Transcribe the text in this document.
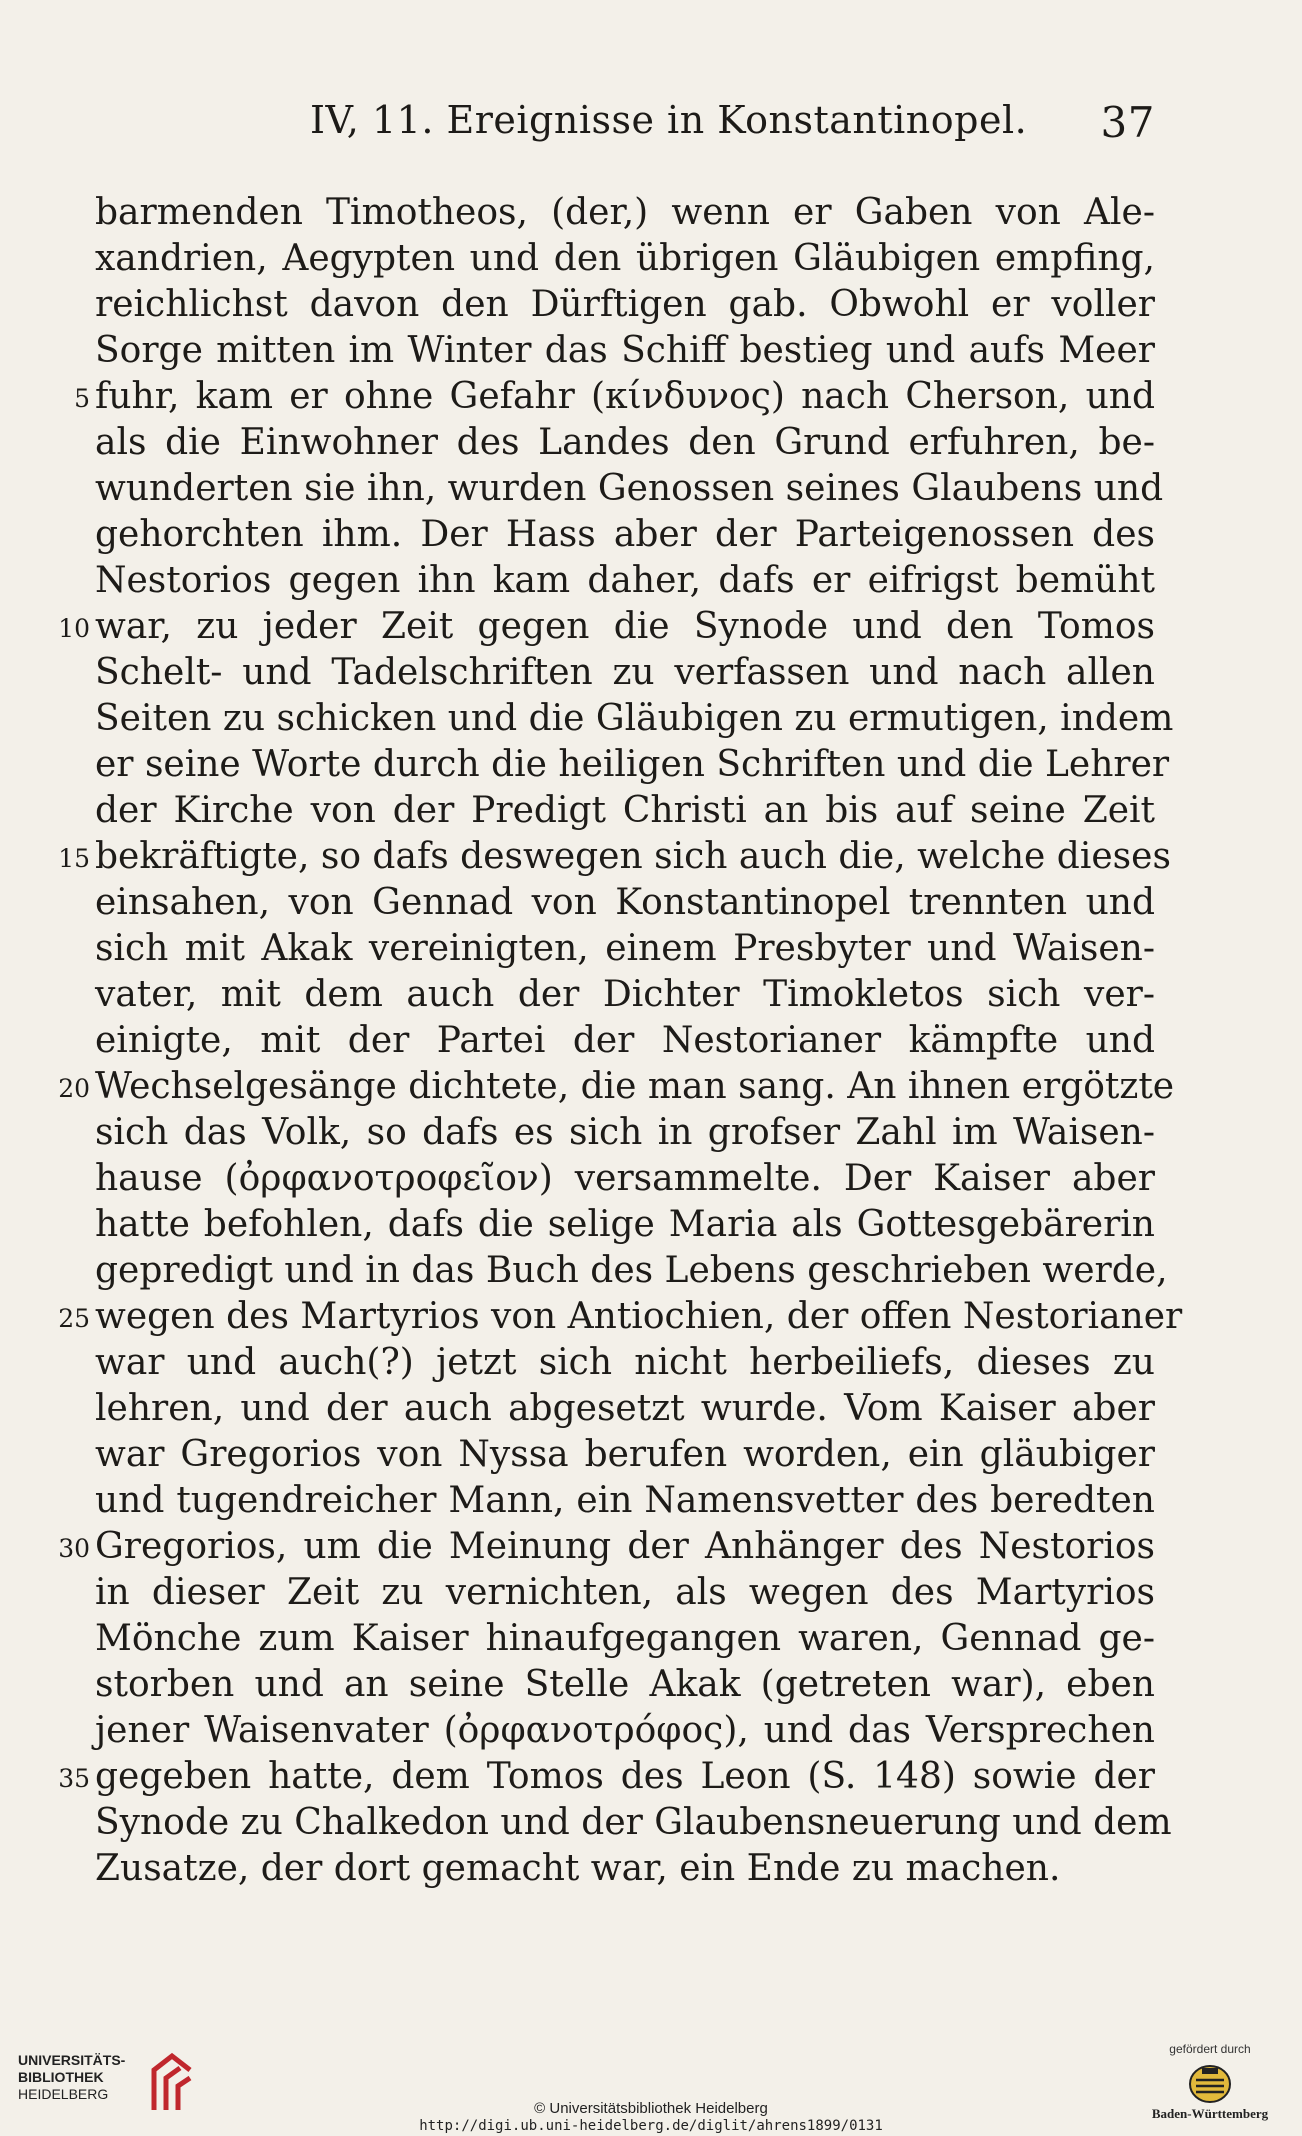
IV, 11. Ereignisse in Konstantinopel. 37
barmenden Timotheos, (der,) wenn er Gaben von Ale-
xandrien, Aegypten und den übrigen Gläubigen empfing,
reichlichst davon den Dürftigen gab. Obwohl er voller
Sorge mitten im Winter das Schiff bestieg und aufs Meer
fuhr, kam er ohne Gefahr (κίνδυνος) nach Cherson, und
als die Einwohner des Landes den Grund erfuhren, be-
wunderten sie ihn, wurden Genossen seines Glaubens und
gehorchten ihm. Der Hass aber der Parteigenossen des
Nestorios gegen ihn kam daher, dafs er eifrigst bemüht
war, zu jeder Zeit gegen die Synode und den Tomos
Schelt- und Tadelschriften zu verfassen und nach allen
Seiten zu schicken und die Gläubigen zu ermutigen, indem
er seine Worte durch die heiligen Schriften und die Lehrer
der Kirche von der Predigt Christi an bis auf seine Zeit
bekräftigte, so dafs deswegen sich auch die, welche dieses
einsahen, von Gennad von Konstantinopel trennten und
sich mit Akak vereinigten, einem Presbyter und Waisen-
vater, mit dem auch der Dichter Timokletos sich ver-
einigte, mit der Partei der Nestorianer kämpfte und
Wechselgesänge dichtete, die man sang. An ihnen ergötzte
sich das Volk, so dafs es sich in grofser Zahl im Waisen-
hause (ὀρφανοτροφεῖον) versammelte. Der Kaiser aber
hatte befohlen, dafs die selige Maria als Gottesgebärerin
gepredigt und in das Buch des Lebens geschrieben werde,
wegen des Martyrios von Antiochien, der offen Nestorianer
war und auch(?) jetzt sich nicht herbeiliefs, dieses zu
lehren, und der auch abgesetzt wurde. Vom Kaiser aber
war Gregorios von Nyssa berufen worden, ein gläubiger
und tugendreicher Mann, ein Namensvetter des beredten
Gregorios, um die Meinung der Anhänger des Nestorios
in dieser Zeit zu vernichten, als wegen des Martyrios
Mönche zum Kaiser hinaufgegangen waren, Gennad ge-
storben und an seine Stelle Akak (getreten war), eben
jener Waisenvater (ὀρφανοτρόφος), und das Versprechen
gegeben hatte, dem Tomos des Leon (S. 148) sowie der
Synode zu Chalkedon und der Glaubensneuerung und dem
Zusatze, der dort gemacht war, ein Ende zu machen.
5
10
15
20
25
30
35
UNIVERSITÄTS-
BIBLIOTHEK
HEIDELBERG
© Universitätsbibliothek Heidelberg
http://digi.ub.uni-heidelberg.de/diglit/ahrens1899/0131
gefördert durch
Baden-Württemberg
